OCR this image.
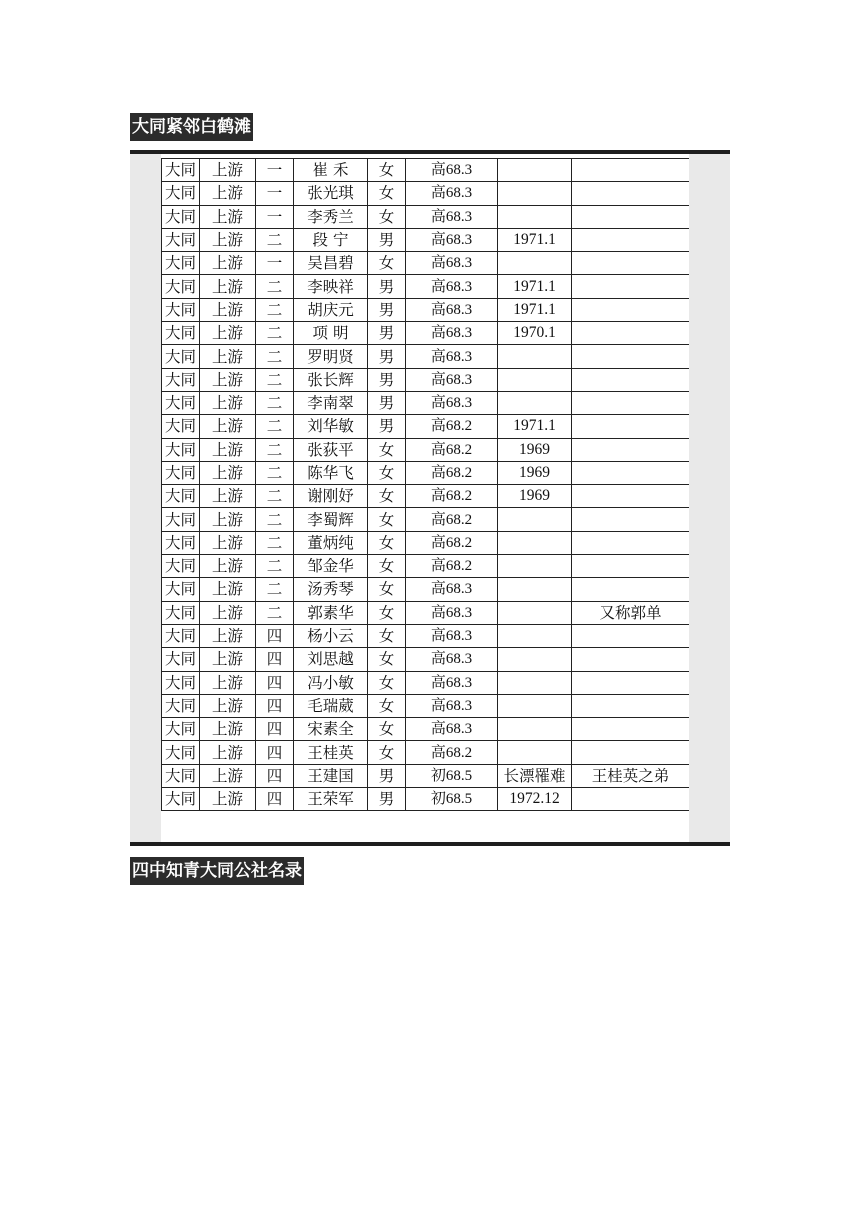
大同紧邻白鹤滩
大同	上游	一	崔 禾	女	高68.3		
大同	上游	一	张光琪	女	高68.3		
大同	上游	一	李秀兰	女	高68.3		
大同	上游	二	段 宁	男	高68.3	1971.1	
大同	上游	一	吴昌碧	女	高68.3		
大同	上游	二	李映祥	男	高68.3	1971.1	
大同	上游	二	胡庆元	男	高68.3	1971.1	
大同	上游	二	项 明	男	高68.3	1970.1	
大同	上游	二	罗明贤	男	高68.3		
大同	上游	二	张长辉	男	高68.3		
大同	上游	二	李南翠	男	高68.3		
大同	上游	二	刘华敏	男	高68.2	1971.1	
大同	上游	二	张荻平	女	高68.2	1969	
大同	上游	二	陈华飞	女	高68.2	1969	
大同	上游	二	谢刚妤	女	高68.2	1969	
大同	上游	二	李蜀辉	女	高68.2		
大同	上游	二	董炳纯	女	高68.2		
大同	上游	二	邹金华	女	高68.2		
大同	上游	二	汤秀琴	女	高68.3		
大同	上游	二	郭素华	女	高68.3		又称郭单
大同	上游	四	杨小云	女	高68.3		
大同	上游	四	刘思越	女	高68.3		
大同	上游	四	冯小敏	女	高68.3		
大同	上游	四	毛瑞葳	女	高68.3		
大同	上游	四	宋素全	女	高68.3		
大同	上游	四	王桂英	女	高68.2		
大同	上游	四	王建国	男	初68.5	长漂罹难	王桂英之弟
大同	上游	四	王荣军	男	初68.5	1972.12	
四中知青大同公社名录
